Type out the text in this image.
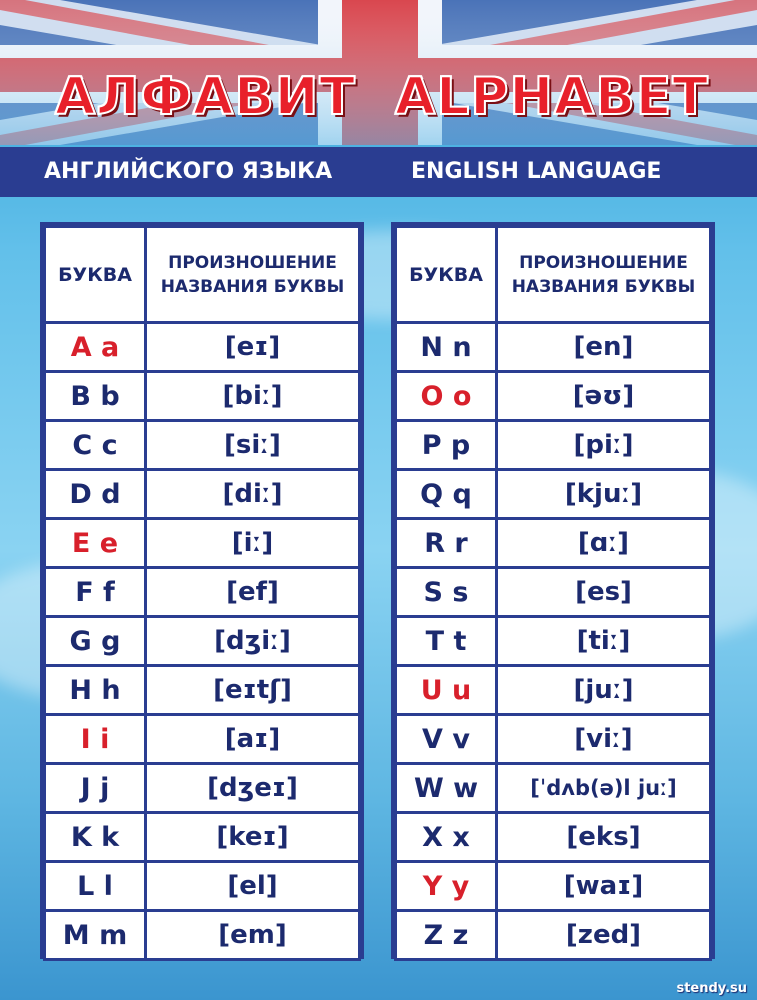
АЛФАВИТ ALPHABET
АНГЛИЙСКОГО ЯЗЫКА	ENGLISH LANGUAGE
БУКВА	ПРОИЗНОШЕНИЕ
НАЗВАНИЯ БУКВЫ
A a	[eɪ]
B b	[biː]
C c	[siː]
D d	[diː]
E e	[iː]
F f	[ef]
G g	[dʒiː]
H h	[eɪtʃ]
I i	[aɪ]
J j	[dʒeɪ]
K k	[keɪ]
L l	[el]
M m	[em]
БУКВА	ПРОИЗНОШЕНИЕ
НАЗВАНИЯ БУКВЫ
N n	[en]
O o	[əʊ]
P p	[piː]
Q q	[kjuː]
R r	[ɑː]
S s	[es]
T t	[tiː]
U u	[juː]
V v	[viː]
W w	[ˈdʌb(ə)l juː]
X x	[eks]
Y y	[waɪ]
Z z	[zed]
stendy.su
